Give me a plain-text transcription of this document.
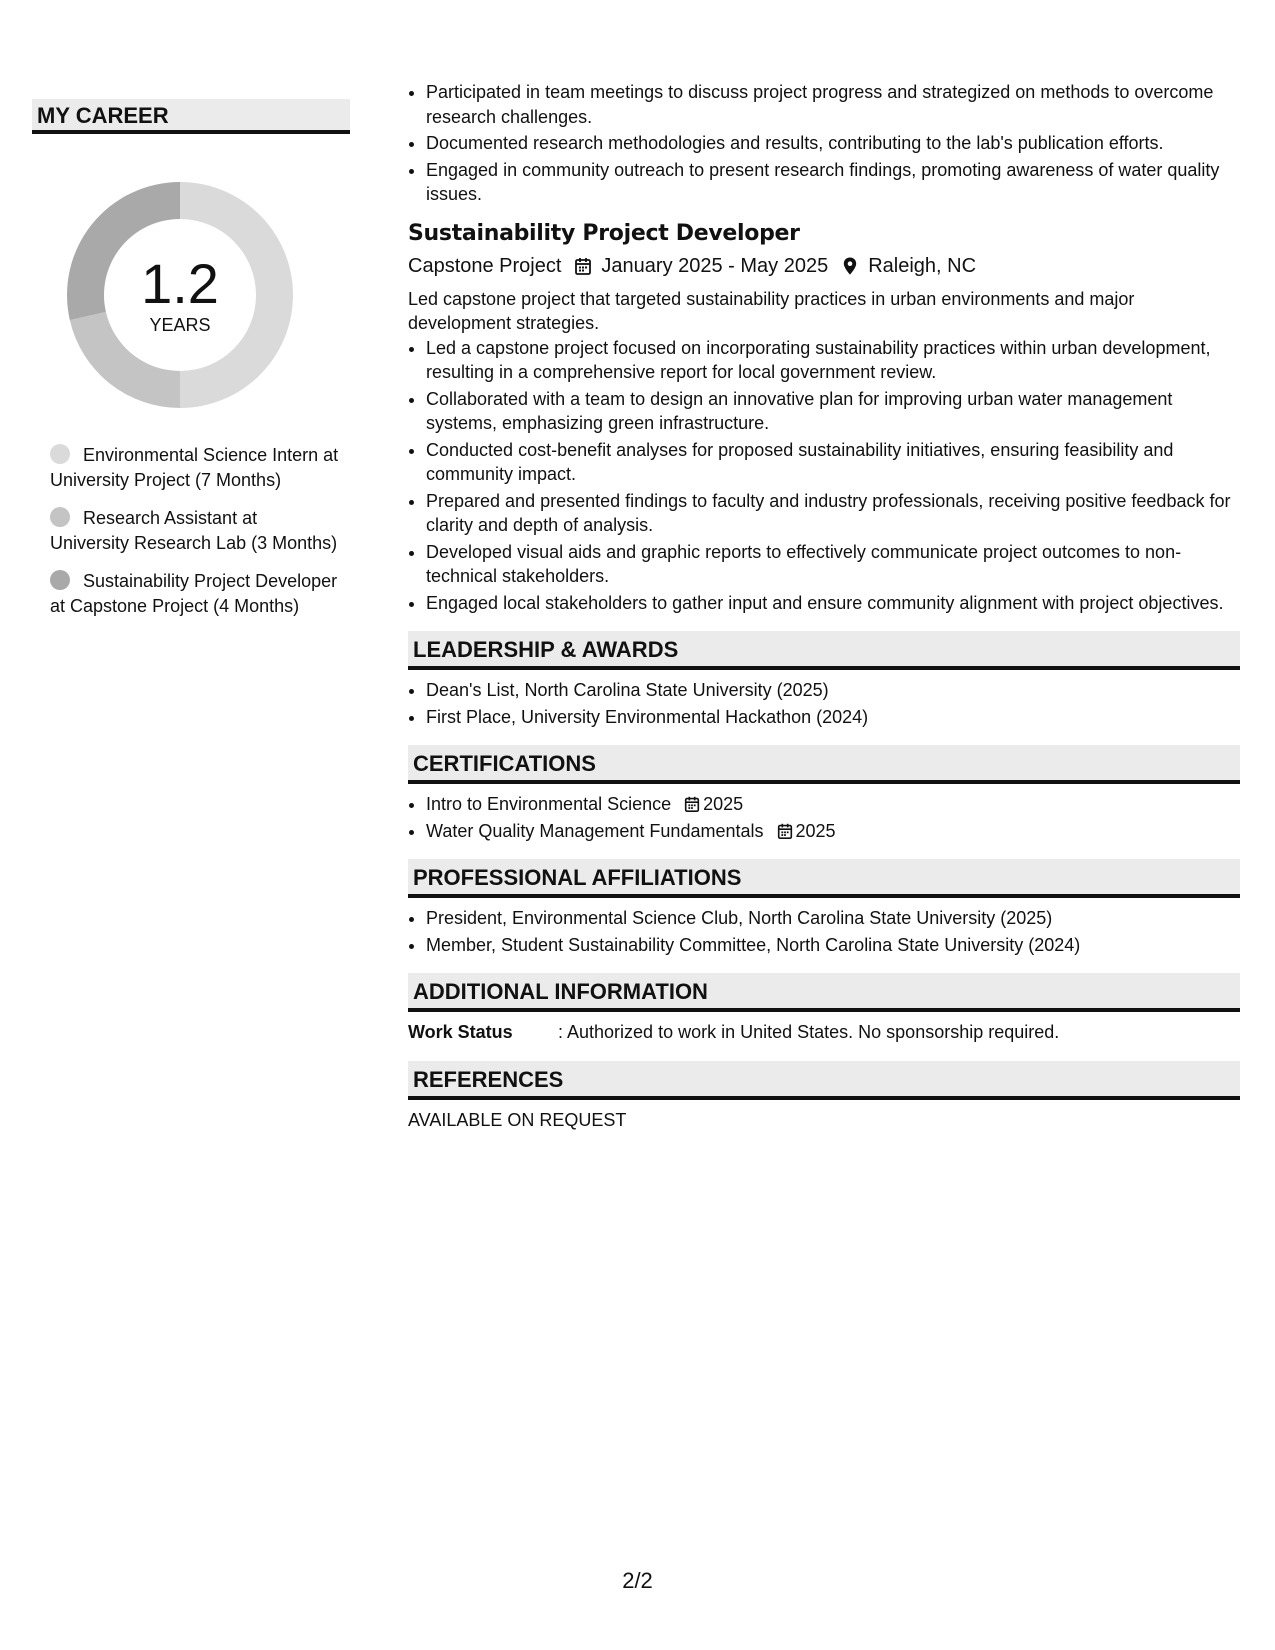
MY CAREER
1.2
YEARS
Environmental Science Intern at University Project (7 Months)
Research Assistant at University Research Lab (3 Months)
Sustainability Project Developer at Capstone Project (4 Months)
• Participated in team meetings to discuss project progress and strategized on methods to overcome research challenges.
• Documented research methodologies and results, contributing to the lab's publication efforts.
• Engaged in community outreach to present research findings, promoting awareness of water quality issues.
Sustainability Project Developer
Capstone Project January 2025 - May 2025 Raleigh, NC
Led capstone project that targeted sustainability practices in urban environments and major development strategies.
• Led a capstone project focused on incorporating sustainability practices within urban development, resulting in a comprehensive report for local government review.
• Collaborated with a team to design an innovative plan for improving urban water management systems, emphasizing green infrastructure.
• Conducted cost-benefit analyses for proposed sustainability initiatives, ensuring feasibility and community impact.
• Prepared and presented findings to faculty and industry professionals, receiving positive feedback for clarity and depth of analysis.
• Developed visual aids and graphic reports to effectively communicate project outcomes to non-technical stakeholders.
• Engaged local stakeholders to gather input and ensure community alignment with project objectives.
LEADERSHIP & AWARDS
• Dean's List, North Carolina State University (2025)
• First Place, University Environmental Hackathon (2024)
CERTIFICATIONS
• Intro to Environmental Science 2025
• Water Quality Management Fundamentals 2025
PROFESSIONAL AFFILIATIONS
• President, Environmental Science Club, North Carolina State University (2025)
• Member, Student Sustainability Committee, North Carolina State University (2024)
ADDITIONAL INFORMATION
Work Status	: Authorized to work in United States. No sponsorship required.
REFERENCES
AVAILABLE ON REQUEST
2/2
